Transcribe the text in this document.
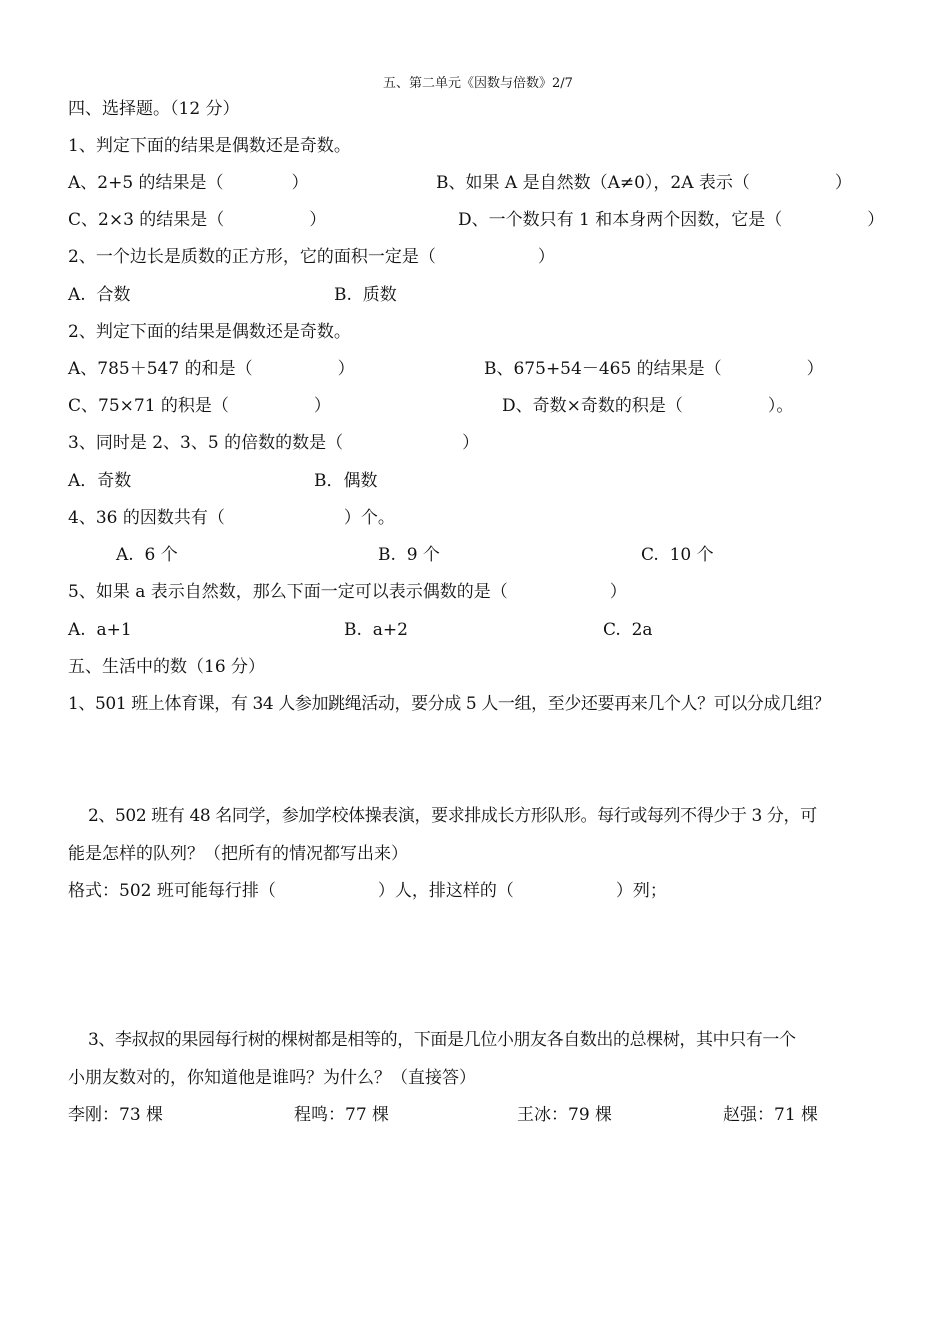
五、第二单元《因数与倍数》2/7
四、选择题。（12 分）
1、判定下面的结果是偶数还是奇数。
A、2+5 的结果是（　　　　）	B、如果 A 是自然数（A≠0），2A 表示（　　　　　）
C、2×3 的结果是（　　　　　）	D、一个数只有 1 和本身两个因数，它是（　　　　　）
2、一个边长是质数的正方形，它的面积一定是（　　　　　　）
A.  合数	B.  质数
2、判定下面的结果是偶数还是奇数。
A、785＋547 的和是（　　　　　）	B、675+54－465 的结果是（　　　　　）
C、75×71 的积是（　　　　　）	D、奇数×奇数的积是（　　　　　）。
3、同时是 2、3、5 的倍数的数是（　　　　　　　）
A．奇数	B．偶数
4、36 的因数共有（　　　　　　　）个。
A.  6 个	B.  9 个	C.  10 个
5、如果 a 表示自然数，那么下面一定可以表示偶数的是（　　　　　　）
A.  a+1	B.  a+2	C.  2a
五、生活中的数（16 分）
1、501 班上体育课，有 34 人参加跳绳活动，要分成 5 人一组，至少还要再来几个人？可以分成几组？
2、502 班有 48 名同学，参加学校体操表演，要求排成长方形队形。每行或每列不得少于 3 分，可
能是怎样的队列？（把所有的情况都写出来）
格式：502 班可能每行排（　　　　　　）人，排这样的（　　　　　　）列；
3、李叔叔的果园每行树的棵树都是相等的，下面是几位小朋友各自数出的总棵树，其中只有一个
小朋友数对的，你知道他是谁吗？为什么？（直接答）
李刚：73 棵	程鸣：77 棵	王冰：79 棵	赵强：71 棵
